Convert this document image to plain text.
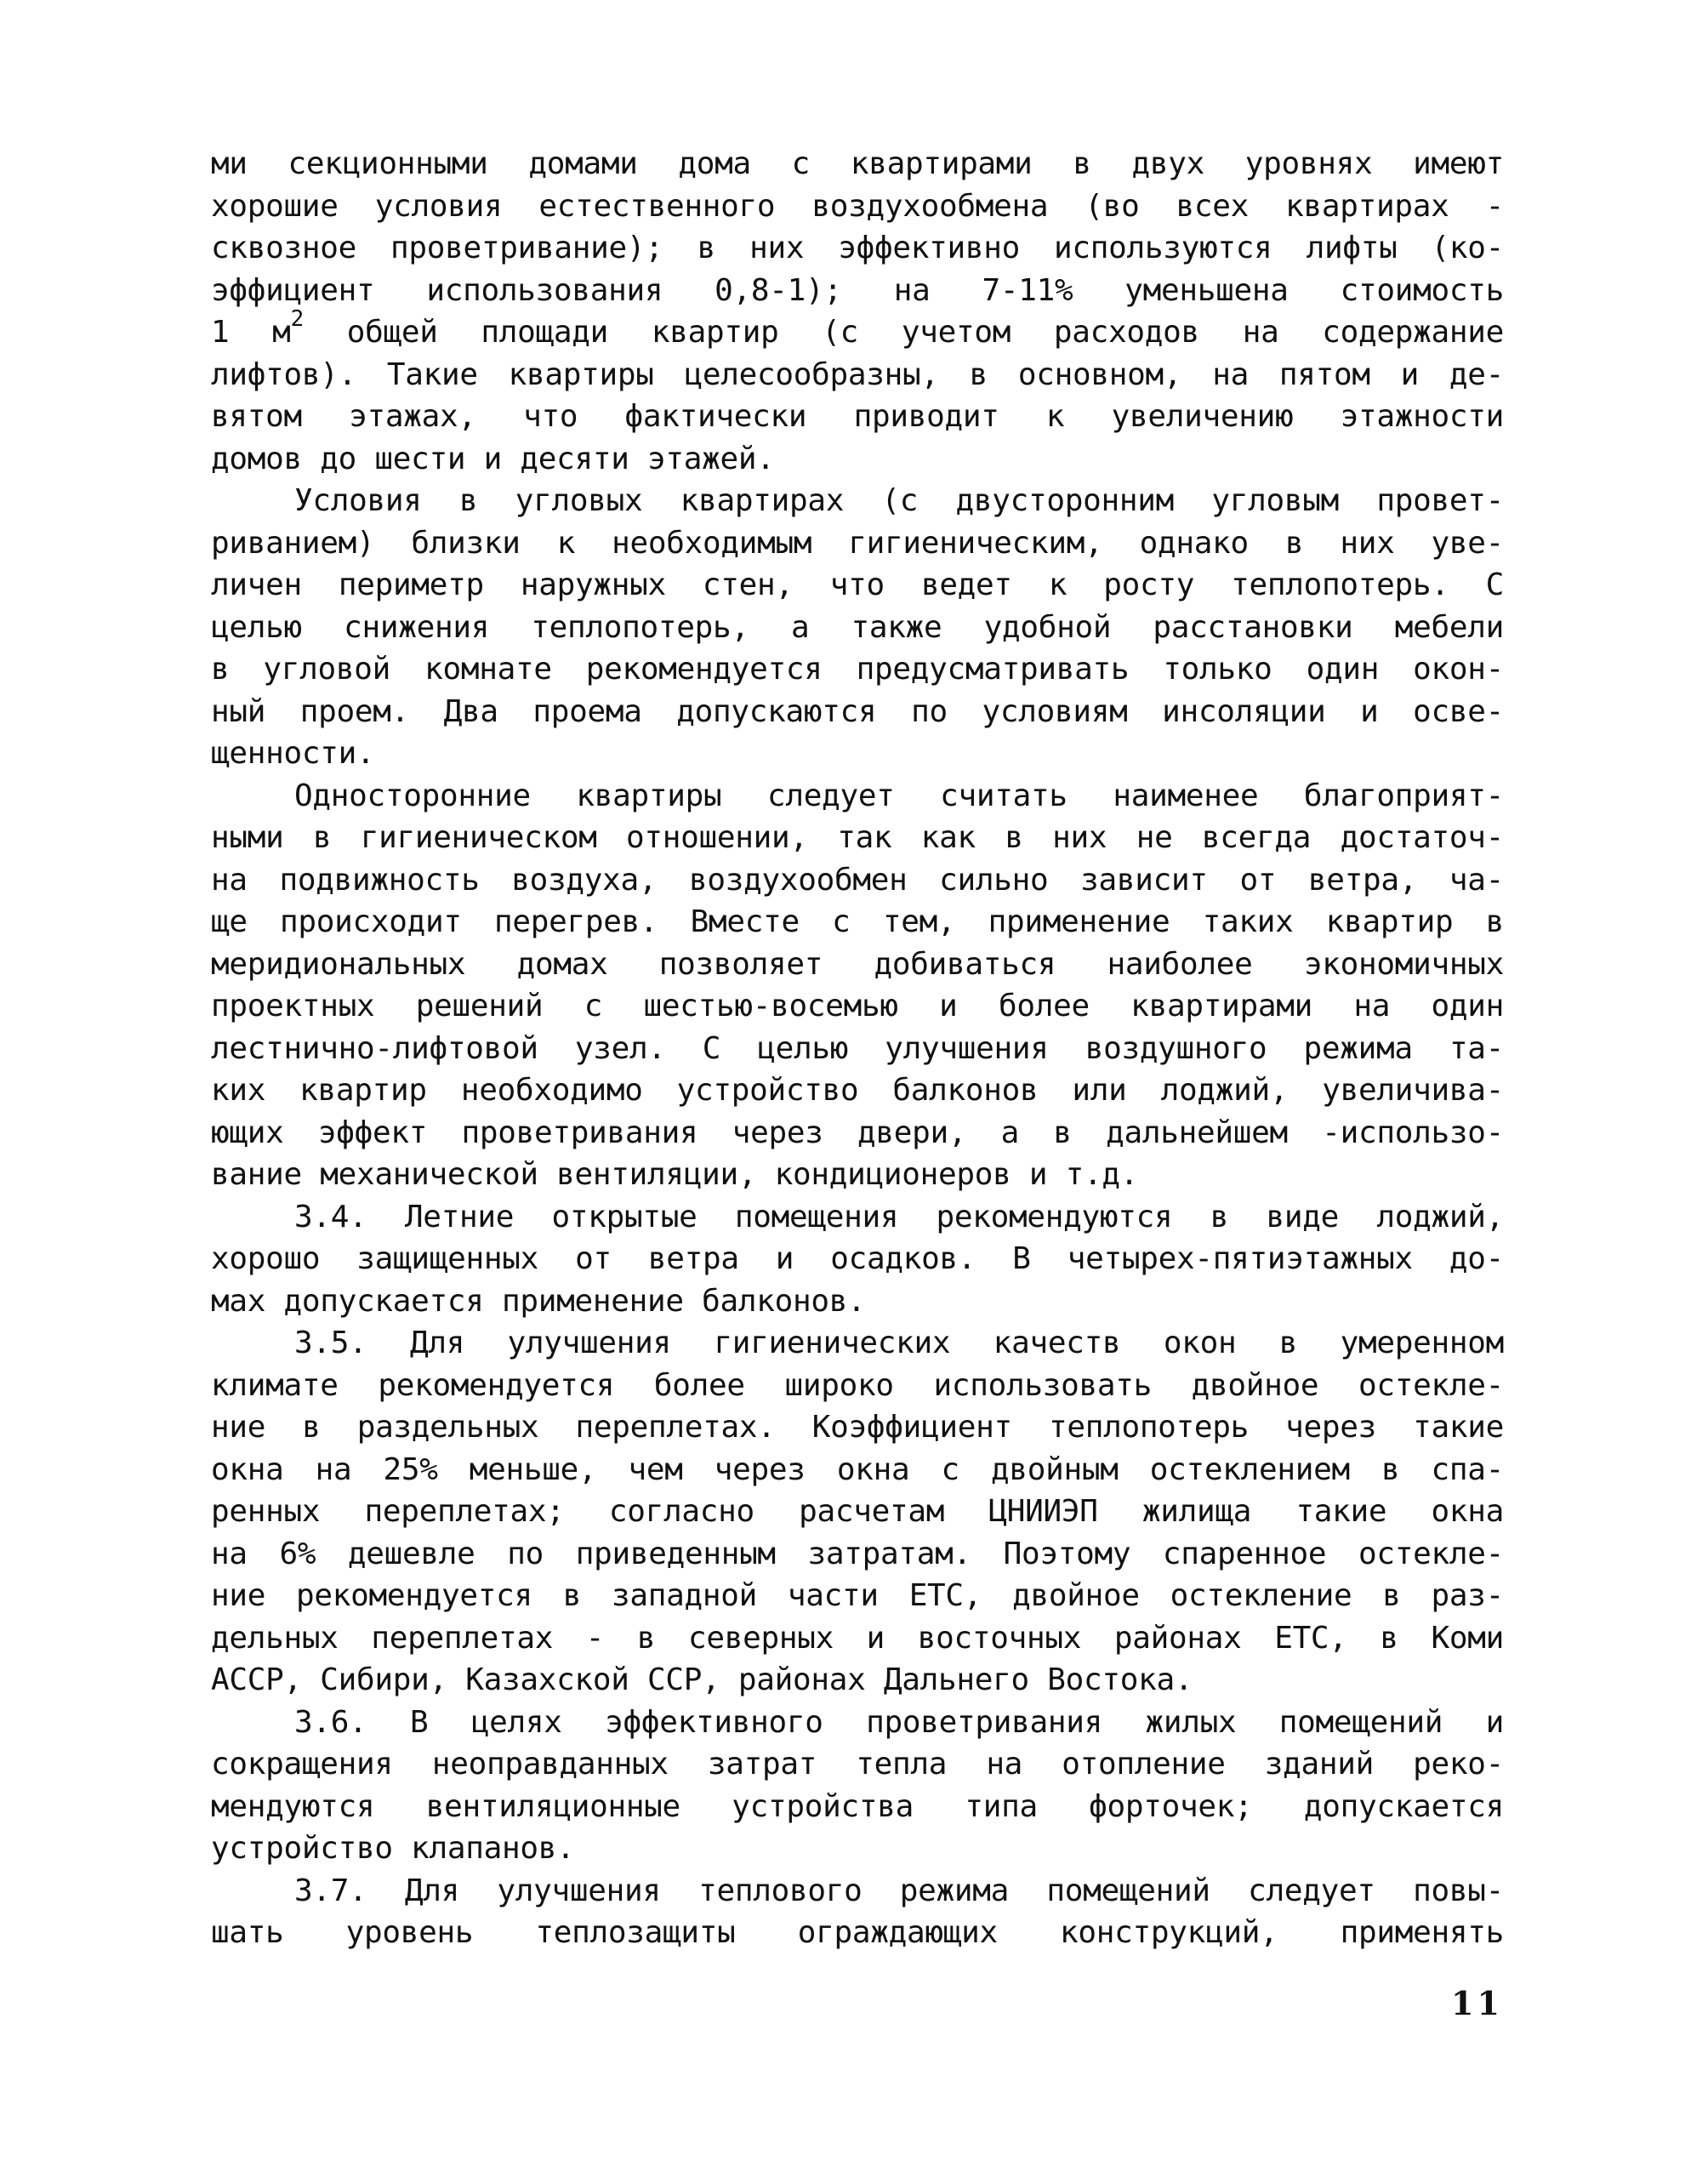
ми секционными домами дома с квартирами в двух уровнях имеют
хорошие условия естественного воздухообмена (во всех квартирах -
сквозное проветривание); в них эффективно используются лифты (ко-
эффициент использования 0,8-1); на 7-11% уменьшена стоимость
1 $м^2$ общей площади квартир (с учетом расходов на содержание
лифтов). Такие квартиры целесообразны, в основном, на пятом и де-
вятом этажах, что фактически приводит к увеличению этажности
домов до шести и десяти этажей.
Условия в угловых квартирах (с двусторонним угловым провет-
риванием) близки к необходимым гигиеническим, однако в них уве-
личен периметр наружных стен, что ведет к росту теплопотерь. С
целью снижения теплопотерь, а также удобной расстановки мебели
в угловой комнате рекомендуется предусматривать только один окон-
ный проем. Два проема допускаются по условиям инсоляции и осве-
щенности.
Односторонние квартиры следует считать наименее благоприят-
ными в гигиеническом отношении, так как в них не всегда достаточ-
на подвижность воздуха, воздухообмен сильно зависит от ветра, ча-
ще происходит перегрев. Вместе с тем, применение таких квартир в
меридиональных домах позволяет добиваться наиболее экономичных
проектных решений с шестью-восемью и более квартирами на один
лестнично-лифтовой узел. С целью улучшения воздушного режима та-
ких квартир необходимо устройство балконов или лоджий, увеличива-
ющих эффект проветривания через двери, а в дальнейшем -использо-
вание механической вентиляции, кондиционеров и т.д.
3.4. Летние открытые помещения рекомендуются в виде лоджий,
хорошо защищенных от ветра и осадков. В четырех-пятиэтажных до-
мах допускается применение балконов.
3.5. Для улучшения гигиенических качеств окон в умеренном
климате рекомендуется более широко использовать двойное остекле-
ние в раздельных переплетах. Коэффициент теплопотерь через такие
окна на 25% меньше, чем через окна с двойным остеклением в спа-
ренных переплетах; согласно расчетам ЦНИИЭП жилища такие окна
на 6% дешевле по приведенным затратам. Поэтому спаренное остекле-
ние рекомендуется в западной части ЕТС, двойное остекление в раз-
дельных переплетах - в северных и восточных районах ЕТС, в Коми
АССР, Сибири, Казахской ССР, районах Дальнего Востока.
3.6. В целях эффективного проветривания жилых помещений и
сокращения неоправданных затрат тепла на отопление зданий реко-
мендуются вентиляционные устройства типа форточек; допускается
устройство клапанов.
3.7. Для улучшения теплового режима помещений следует повы-
шать уровень теплозащиты ограждающих конструкций, применять
11
